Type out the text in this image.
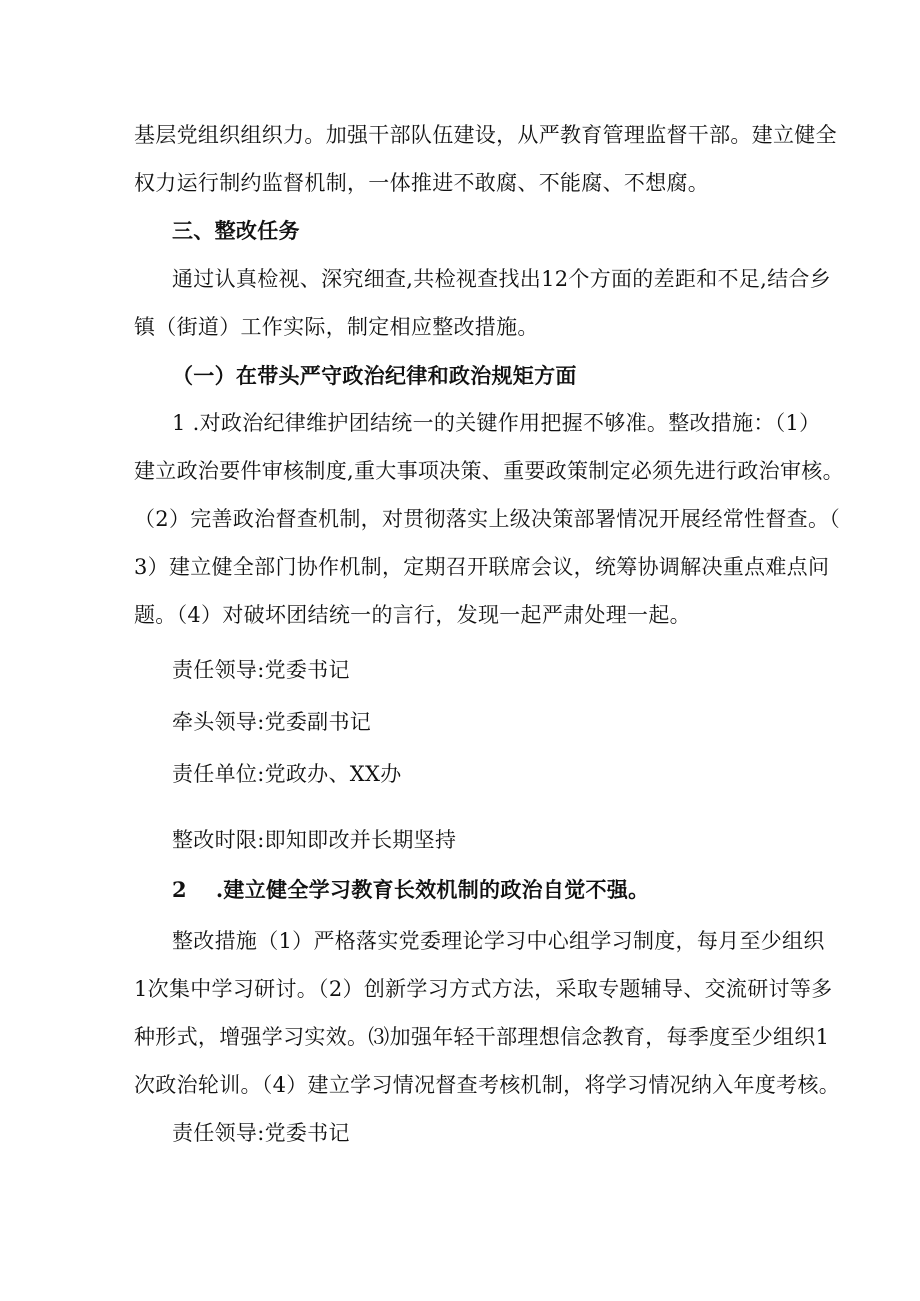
基层党组织组织力。加强干部队伍建设，从严教育管理监督干部。建立健全
权力运行制约监督机制，一体推进不敢腐、不能腐、不想腐。
三、整改任务
通过认真检视、深究细查,共检视查找出12个方面的差距和不足,结合乡
镇（街道）工作实际，制定相应整改措施。
（一）在带头严守政治纪律和政治规矩方面
1 .对政治纪律维护团结统一的关键作用把握不够准。整改措施：（1）
建立政治要件审核制度,重大事项决策、重要政策制定必须先进行政治审核。
（2）完善政治督查机制，对贯彻落实上级决策部署情况开展经常性督查。（
3）建立健全部门协作机制，定期召开联席会议，统筹协调解决重点难点问
题。（4）对破坏团结统一的言行，发现一起严肃处理一起。
责任领导:党委书记
牵头领导:党委副书记
责任单位:党政办、XX办
整改时限:即知即改并长期坚持
2　 .建立健全学习教育长效机制的政治自觉不强。
整改措施（1）严格落实党委理论学习中心组学习制度，每月至少组织
1次集中学习研讨。（2）创新学习方式方法，采取专题辅导、交流研讨等多
种形式，增强学习实效。⑶加强年轻干部理想信念教育，每季度至少组织1
次政治轮训。（4）建立学习情况督查考核机制，将学习情况纳入年度考核。
责任领导:党委书记
